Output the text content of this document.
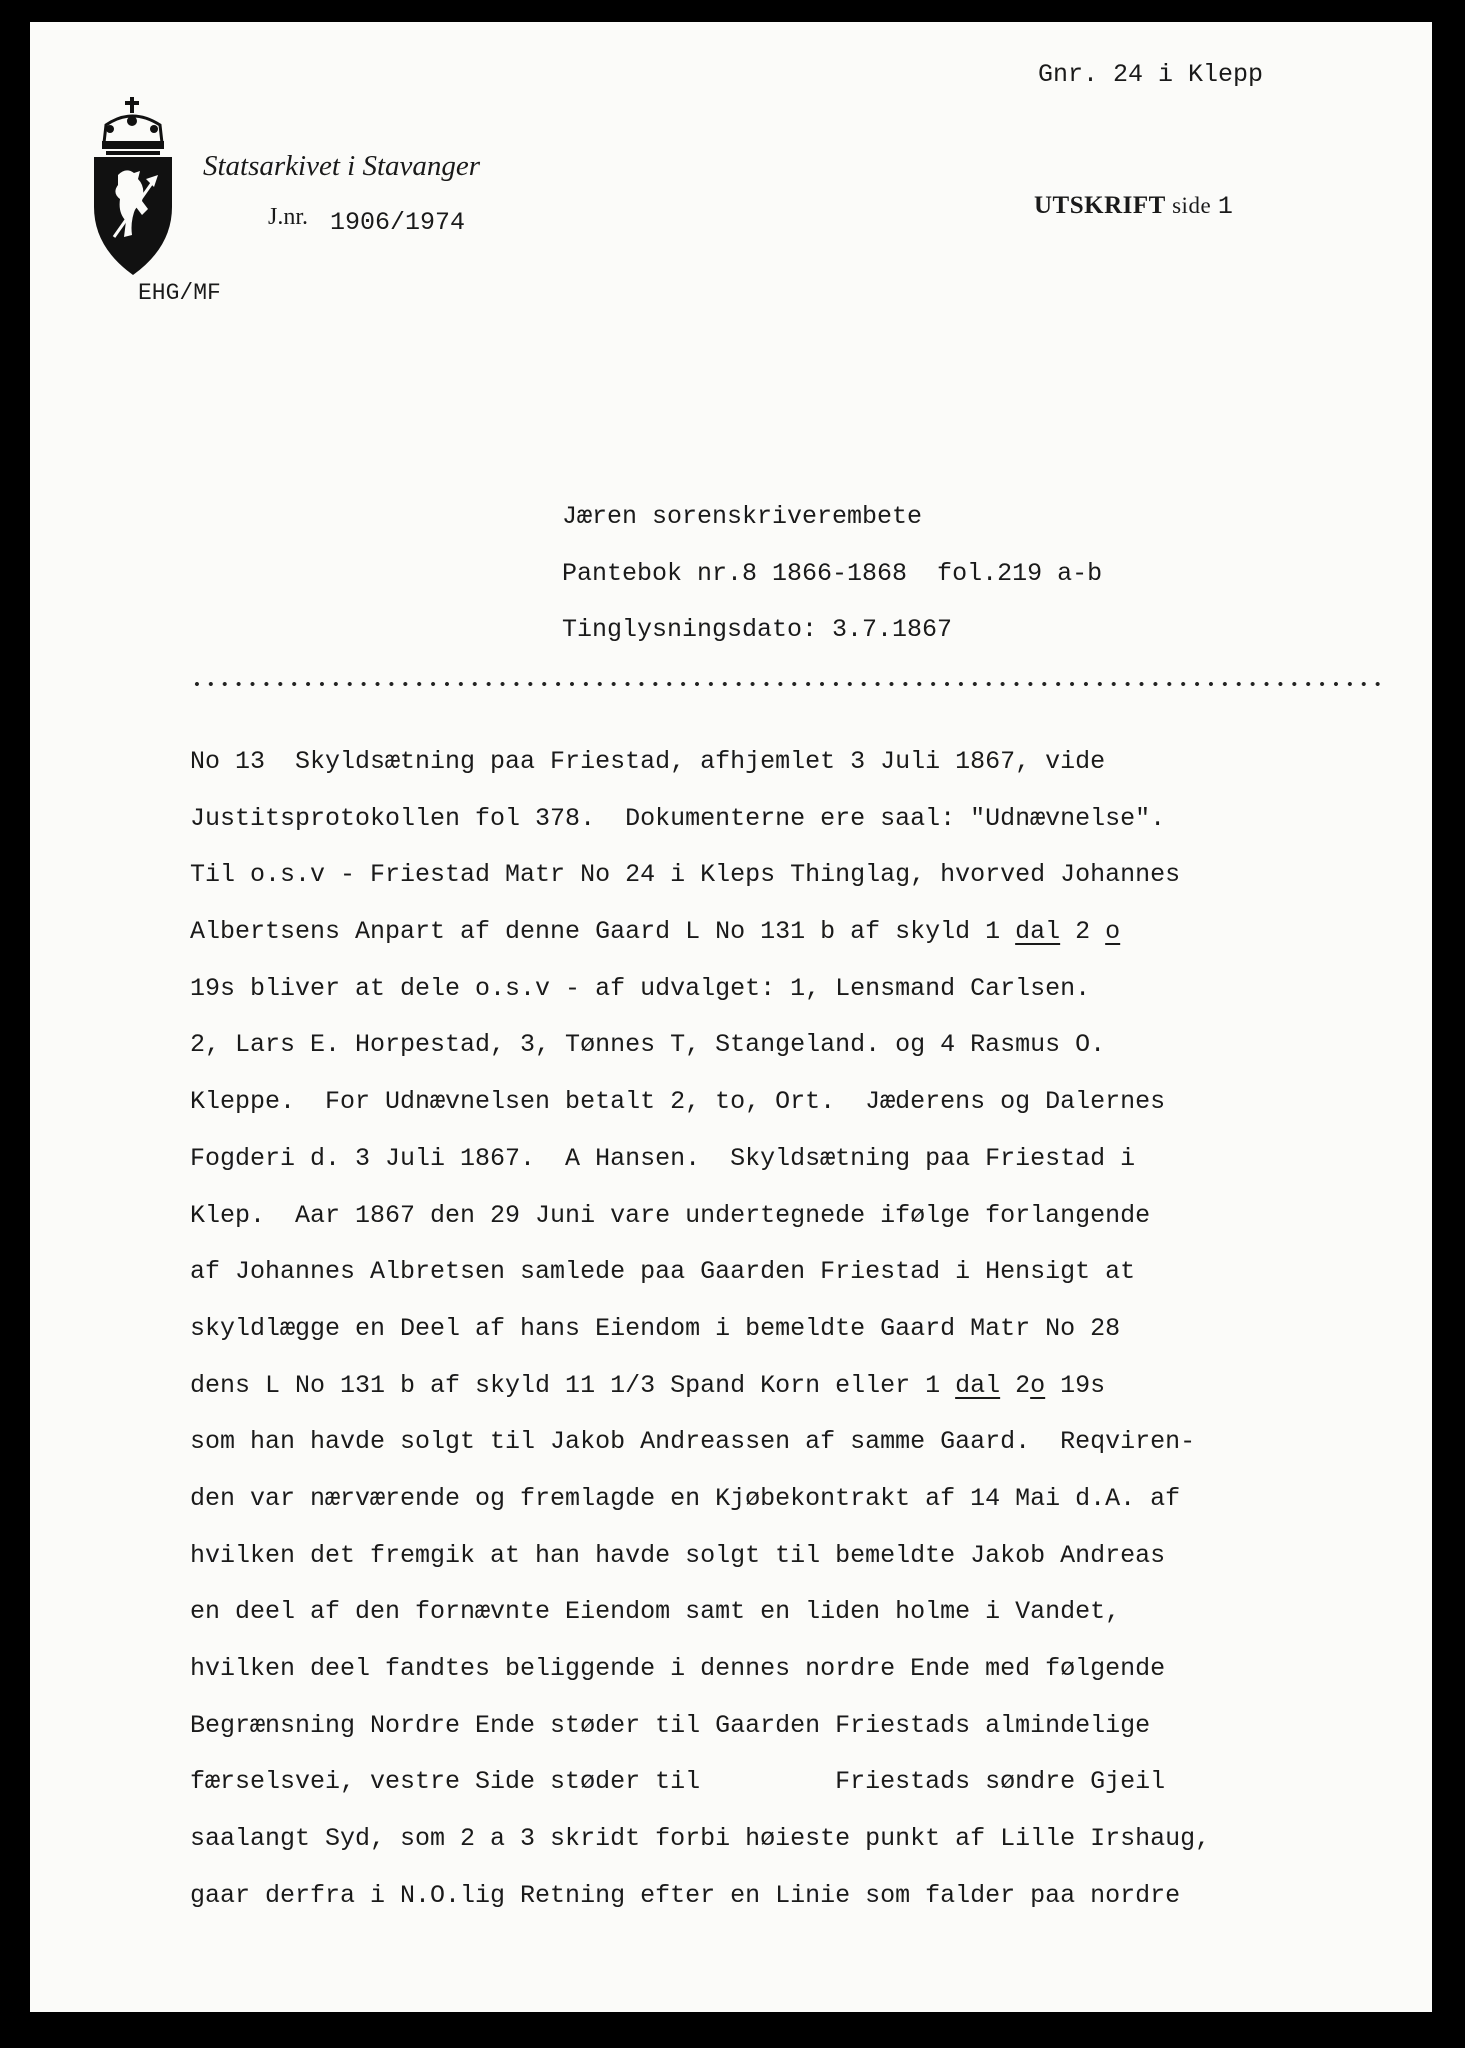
Gnr. 24 i Klepp
Statsarkivet i Stavanger
J.nr. 1906/1974
UTSKRIFT side 1
EHG/MF
Jæren sorenskriverembete
Pantebok nr.8 1866-1868  fol.219 a-b
Tinglysningsdato: 3.7.1867
No 13  Skyldsætning paa Friestad, afhjemlet 3 Juli 1867, vide
Justitsprotokollen fol 378.  Dokumenterne ere saal: "Udnævnelse".
Til o.s.v - Friestad Matr No 24 i Kleps Thinglag, hvorved Johannes
Albertsens Anpart af denne Gaard L No 131 b af skyld 1 dal 2 o
19s bliver at dele o.s.v - af udvalget: 1, Lensmand Carlsen.
2, Lars E. Horpestad, 3, Tønnes T, Stangeland. og 4 Rasmus O.
Kleppe.  For Udnævnelsen betalt 2, to, Ort.  Jæderens og Dalernes
Fogderi d. 3 Juli 1867.  A Hansen.  Skyldsætning paa Friestad i
Klep.  Aar 1867 den 29 Juni vare undertegnede ifølge forlangende
af Johannes Albretsen samlede paa Gaarden Friestad i Hensigt at
skyldlægge en Deel af hans Eiendom i bemeldte Gaard Matr No 28
dens L No 131 b af skyld 11 1/3 Spand Korn eller 1 dal 2o 19s
som han havde solgt til Jakob Andreassen af samme Gaard.  Reqviren-
den var nærværende og fremlagde en Kjøbekontrakt af 14 Mai d.A. af
hvilken det fremgik at han havde solgt til bemeldte Jakob Andreas
en deel af den fornævnte Eiendom samt en liden holme i Vandet,
hvilken deel fandtes beliggende i dennes nordre Ende med følgende
Begrænsning Nordre Ende støder til Gaarden Friestads almindelige
færselsvei, vestre Side støder til         Friestads søndre Gjeil
saalangt Syd, som 2 a 3 skridt forbi høieste punkt af Lille Irshaug,
gaar derfra i N.O.lig Retning efter en Linie som falder paa nordre
